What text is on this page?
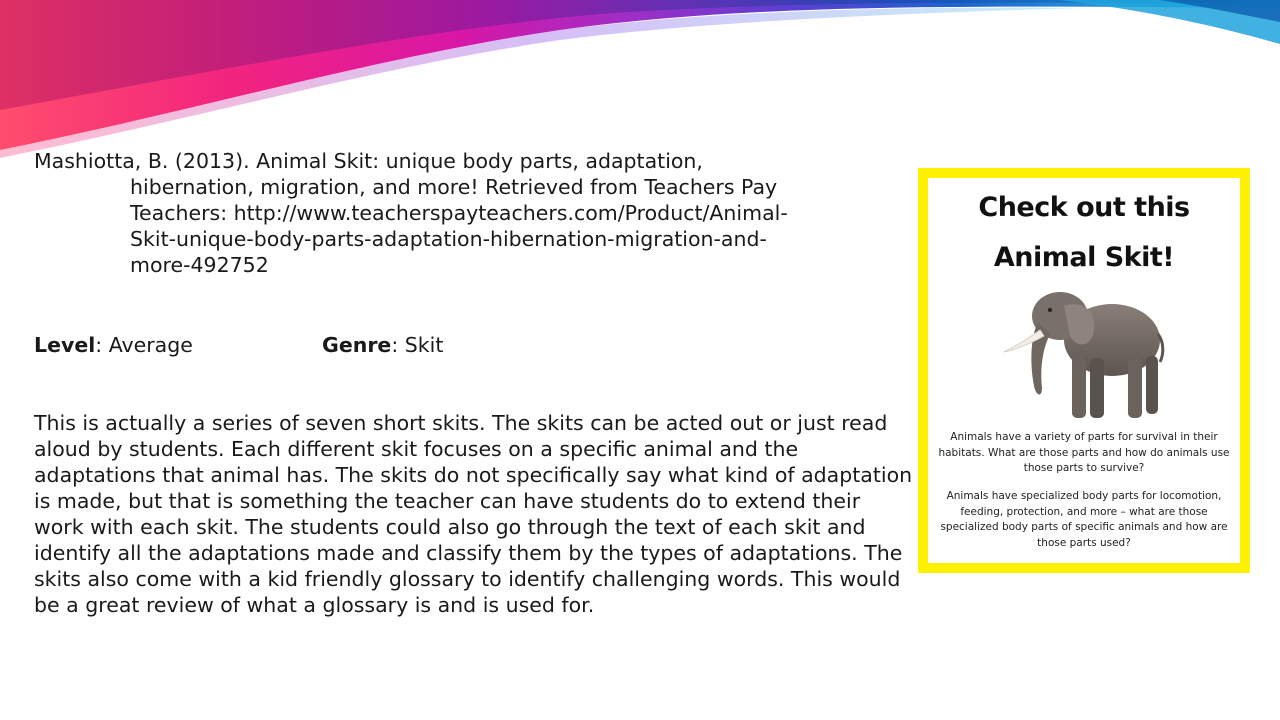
Mashiotta, B. (2013). Animal Skit: unique body parts, adaptation,
hibernation, migration, and more! Retrieved from Teachers Pay
Teachers: http://www.teacherspayteachers.com/Product/Animal-
Skit-unique-body-parts-adaptation-hibernation-migration-and-
more-492752

Level: Average	Genre: Skit

This is actually a series of seven short skits. The skits can be acted out or just read aloud by students. Each different skit focuses on a specific animal and the adaptations that animal has. The skits do not specifically say what kind of adaptation is made, but that is something the teacher can have students do to extend their work with each skit. The students could also go through the text of each skit and identify all the adaptations made and classify them by the types of adaptations. The skits also come with a kid friendly glossary to identify challenging words. This would be a great review of what a glossary is and is used for.

Check out this
Animal Skit!

Animals have a variety of parts for survival in their habitats. What are those parts and how do animals use those parts to survive?

Animals have specialized body parts for locomotion, feeding, protection, and more – what are those specialized body parts of specific animals and how are those parts used?
